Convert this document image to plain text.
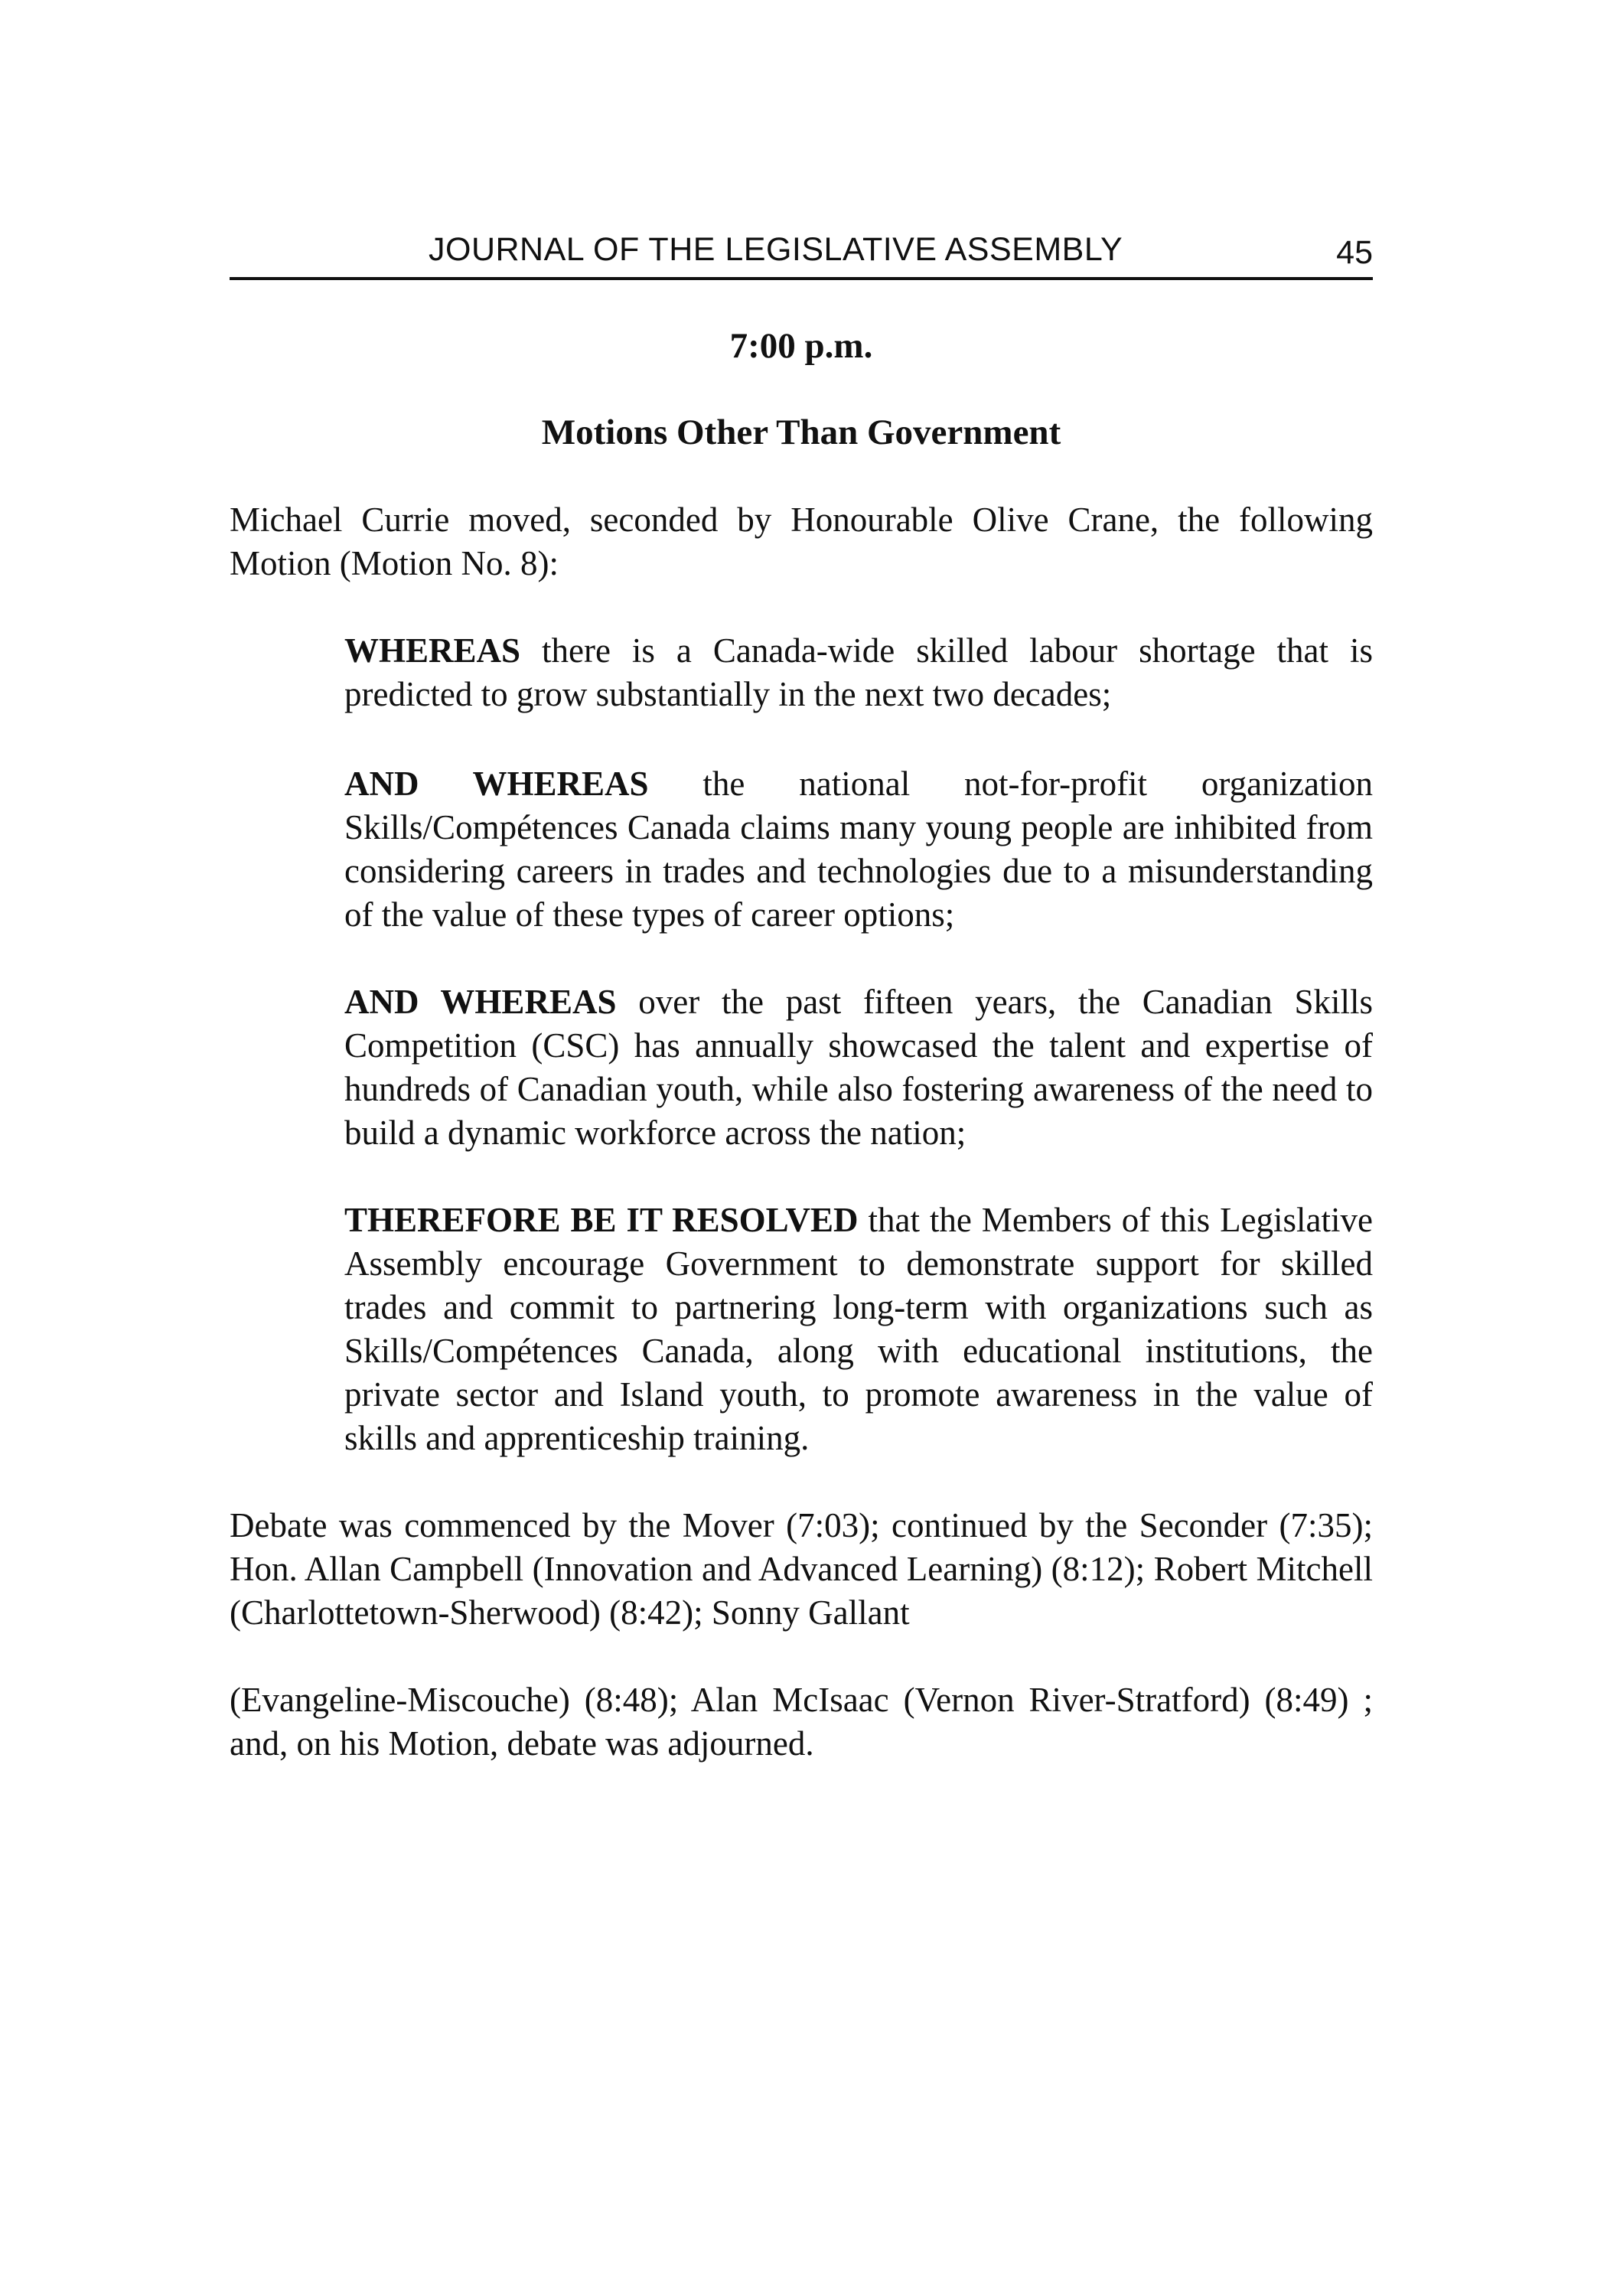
JOURNAL OF THE LEGISLATIVE ASSEMBLY	45
7:00 p.m.
Motions Other Than Government

Michael Currie moved, seconded by Honourable Olive Crane, the following Motion (Motion No. 8):

WHEREAS there is a Canada-wide skilled labour shortage that is predicted to grow substantially in the next two decades;

AND WHEREAS the national not-for-profit organization Skills/Compétences Canada claims many young people are inhibited from considering careers in trades and technologies due to a misunderstanding of the value of these types of career options;

AND WHEREAS over the past fifteen years, the Canadian Skills Competition (CSC) has annually showcased the talent and expertise of hundreds of Canadian youth, while also fostering awareness of the need to build a dynamic workforce across the nation;

THEREFORE BE IT RESOLVED that the Members of this Legislative Assembly encourage Government to demonstrate support for skilled trades and commit to partnering long-term with organizations such as Skills/Compétences Canada, along with educational institutions, the private sector and Island youth, to promote awareness in the value of skills and apprenticeship training.

Debate was commenced by the Mover (7:03); continued by the Seconder (7:35); Hon. Allan Campbell (Innovation and Advanced Learning) (8:12); Robert Mitchell (Charlottetown-Sherwood) (8:42); Sonny Gallant

(Evangeline-Miscouche) (8:48); Alan McIsaac (Vernon River-Stratford) (8:49) ; and, on his Motion, debate was adjourned.
